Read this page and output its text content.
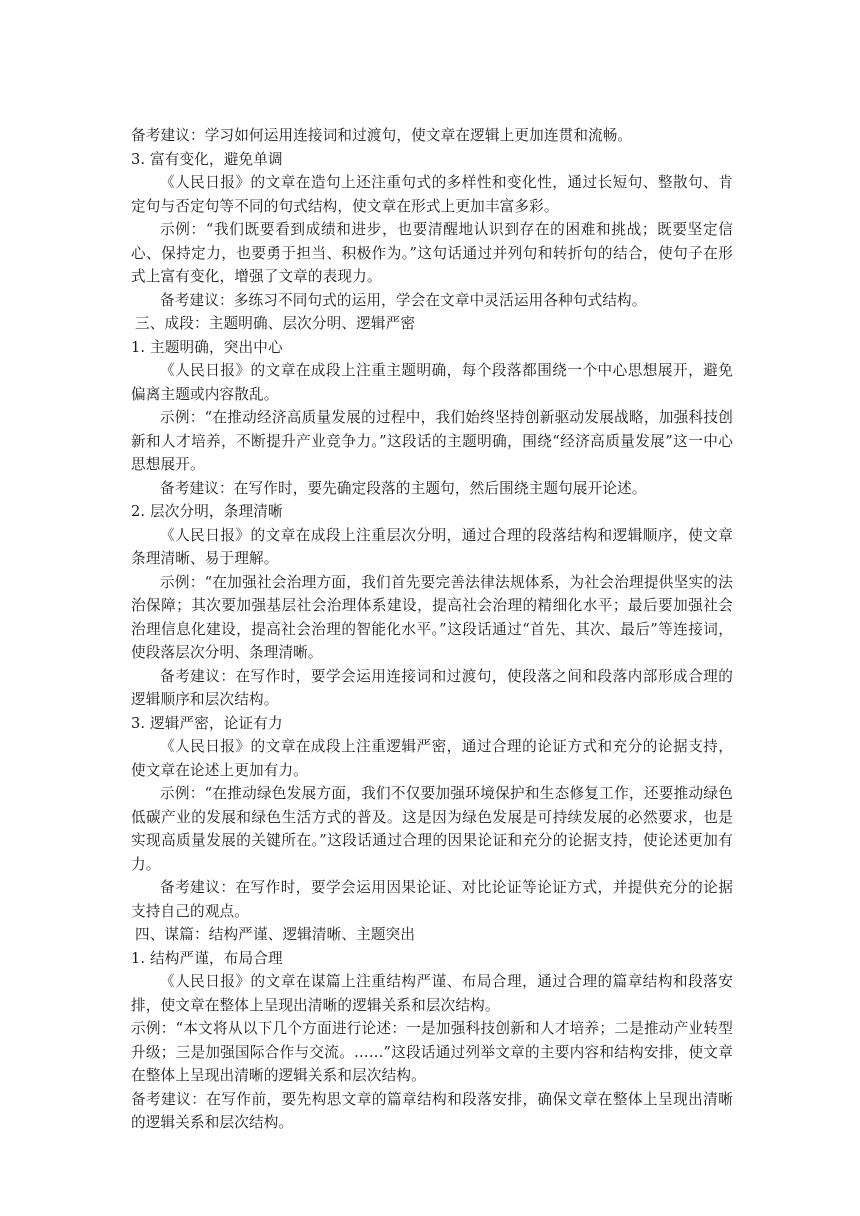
备考建议：学习如何运用连接词和过渡句，使文章在逻辑上更加连贯和流畅。

3. 富有变化，避免单调

《人民日报》的文章在造句上还注重句式的多样性和变化性，通过长短句、整散句、肯定句与否定句等不同的句式结构，使文章在形式上更加丰富多彩。

示例：“我们既要看到成绩和进步，也要清醒地认识到存在的困难和挑战；既要坚定信心、保持定力，也要勇于担当、积极作为。”这句话通过并列句和转折句的结合，使句子在形式上富有变化，增强了文章的表现力。

备考建议：多练习不同句式的运用，学会在文章中灵活运用各种句式结构。

三、成段：主题明确、层次分明、逻辑严密

1. 主题明确，突出中心

《人民日报》的文章在成段上注重主题明确，每个段落都围绕一个中心思想展开，避免偏离主题或内容散乱。

示例：“在推动经济高质量发展的过程中，我们始终坚持创新驱动发展战略，加强科技创新和人才培养，不断提升产业竞争力。”这段话的主题明确，围绕“经济高质量发展”这一中心思想展开。

备考建议：在写作时，要先确定段落的主题句，然后围绕主题句展开论述。

2. 层次分明，条理清晰

《人民日报》的文章在成段上注重层次分明，通过合理的段落结构和逻辑顺序，使文章条理清晰、易于理解。

示例：“在加强社会治理方面，我们首先要完善法律法规体系，为社会治理提供坚实的法治保障；其次要加强基层社会治理体系建设，提高社会治理的精细化水平；最后要加强社会治理信息化建设，提高社会治理的智能化水平。”这段话通过“首先、其次、最后”等连接词，使段落层次分明、条理清晰。

备考建议：在写作时，要学会运用连接词和过渡句，使段落之间和段落内部形成合理的逻辑顺序和层次结构。

3. 逻辑严密，论证有力

《人民日报》的文章在成段上注重逻辑严密，通过合理的论证方式和充分的论据支持，使文章在论述上更加有力。

示例：“在推动绿色发展方面，我们不仅要加强环境保护和生态修复工作，还要推动绿色低碳产业的发展和绿色生活方式的普及。这是因为绿色发展是可持续发展的必然要求，也是实现高质量发展的关键所在。”这段话通过合理的因果论证和充分的论据支持，使论述更加有力。

备考建议：在写作时，要学会运用因果论证、对比论证等论证方式，并提供充分的论据支持自己的观点。

四、谋篇：结构严谨、逻辑清晰、主题突出

1. 结构严谨，布局合理

《人民日报》的文章在谋篇上注重结构严谨、布局合理，通过合理的篇章结构和段落安排，使文章在整体上呈现出清晰的逻辑关系和层次结构。

示例：“本文将从以下几个方面进行论述：一是加强科技创新和人才培养；二是推动产业转型升级；三是加强国际合作与交流。……”这段话通过列举文章的主要内容和结构安排，使文章在整体上呈现出清晰的逻辑关系和层次结构。

备考建议：在写作前，要先构思文章的篇章结构和段落安排，确保文章在整体上呈现出清晰的逻辑关系和层次结构。
